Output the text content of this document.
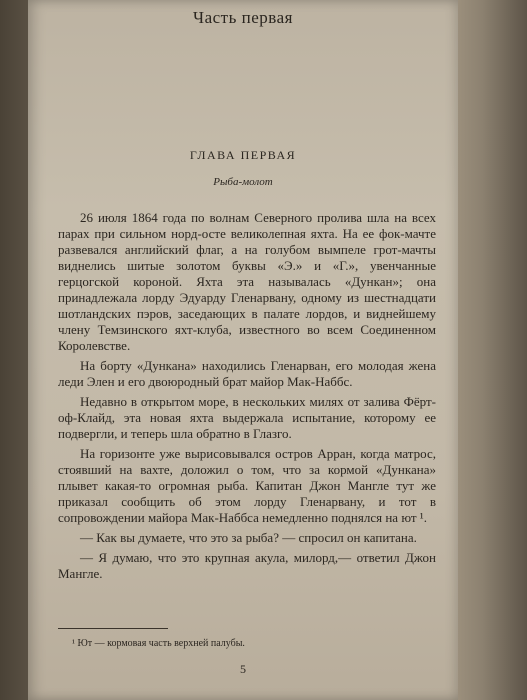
Часть первая
ГЛАВА ПЕРВАЯ
Рыба-молот

26 июля 1864 года по волнам Северного пролива шла на всех парах при сильном норд-осте великолепная яхта. На ее фок-мачте развевался английский флаг, а на голубом вымпеле грот-мачты виднелись шитые золотом буквы «Э.» и «Г.», увенчанные герцогской короной. Яхта эта называлась «Дункан»; она принадлежала лорду Эдуарду Гленарвану, одному из шестнадцати шотландских пэров, заседающих в палате лордов, и виднейшему члену Темзинского яхт-клуба, известного во всем Соединенном Королевстве.

На борту «Дункана» находились Гленарван, его молодая жена леди Элен и его двоюродный брат майор Мак-Наббс.

Недавно в открытом море, в нескольких милях от залива Фёрт-оф-Клайд, эта новая яхта выдержала испытание, которому ее подвергли, и теперь шла обратно в Глазго.

На горизонте уже вырисовывался остров Арран, когда матрос, стоявший на вахте, доложил о том, что за кормой «Дункана» плывет какая-то огромная рыба. Капитан Джон Мангле тут же приказал сообщить об этом лорду Гленарвану, и тот в сопровождении майора Мак-Наббса немедленно поднялся на ют ¹.

— Как вы думаете, что это за рыба? — спросил он капитана.

— Я думаю, что это крупная акула, милорд,— ответил Джон Мангле.

¹ Ют — кормовая часть верхней палубы.
5
